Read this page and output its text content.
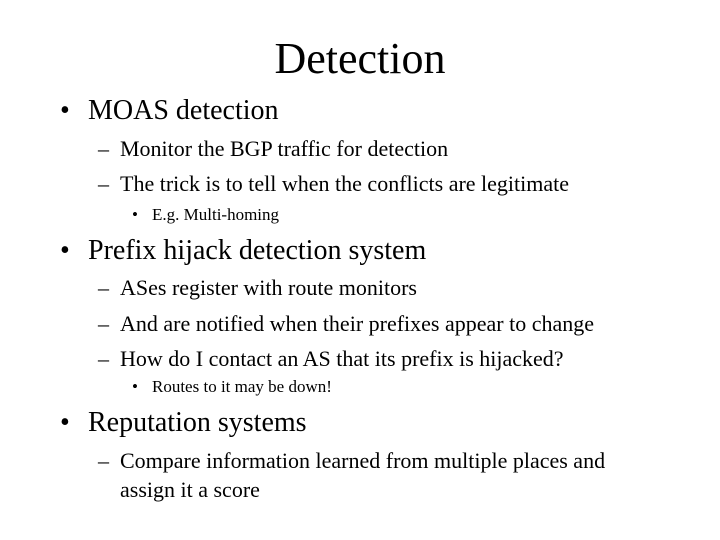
Detection
• MOAS detection
– Monitor the BGP traffic for detection
– The trick is to tell when the conflicts are legitimate
• E.g. Multi-homing
• Prefix hijack detection system
– ASes register with route monitors
– And are notified when their prefixes appear to change
– How do I contact an AS that its prefix is hijacked?
• Routes to it may be down!
• Reputation systems
– Compare information learned from multiple places and
assign it a score
